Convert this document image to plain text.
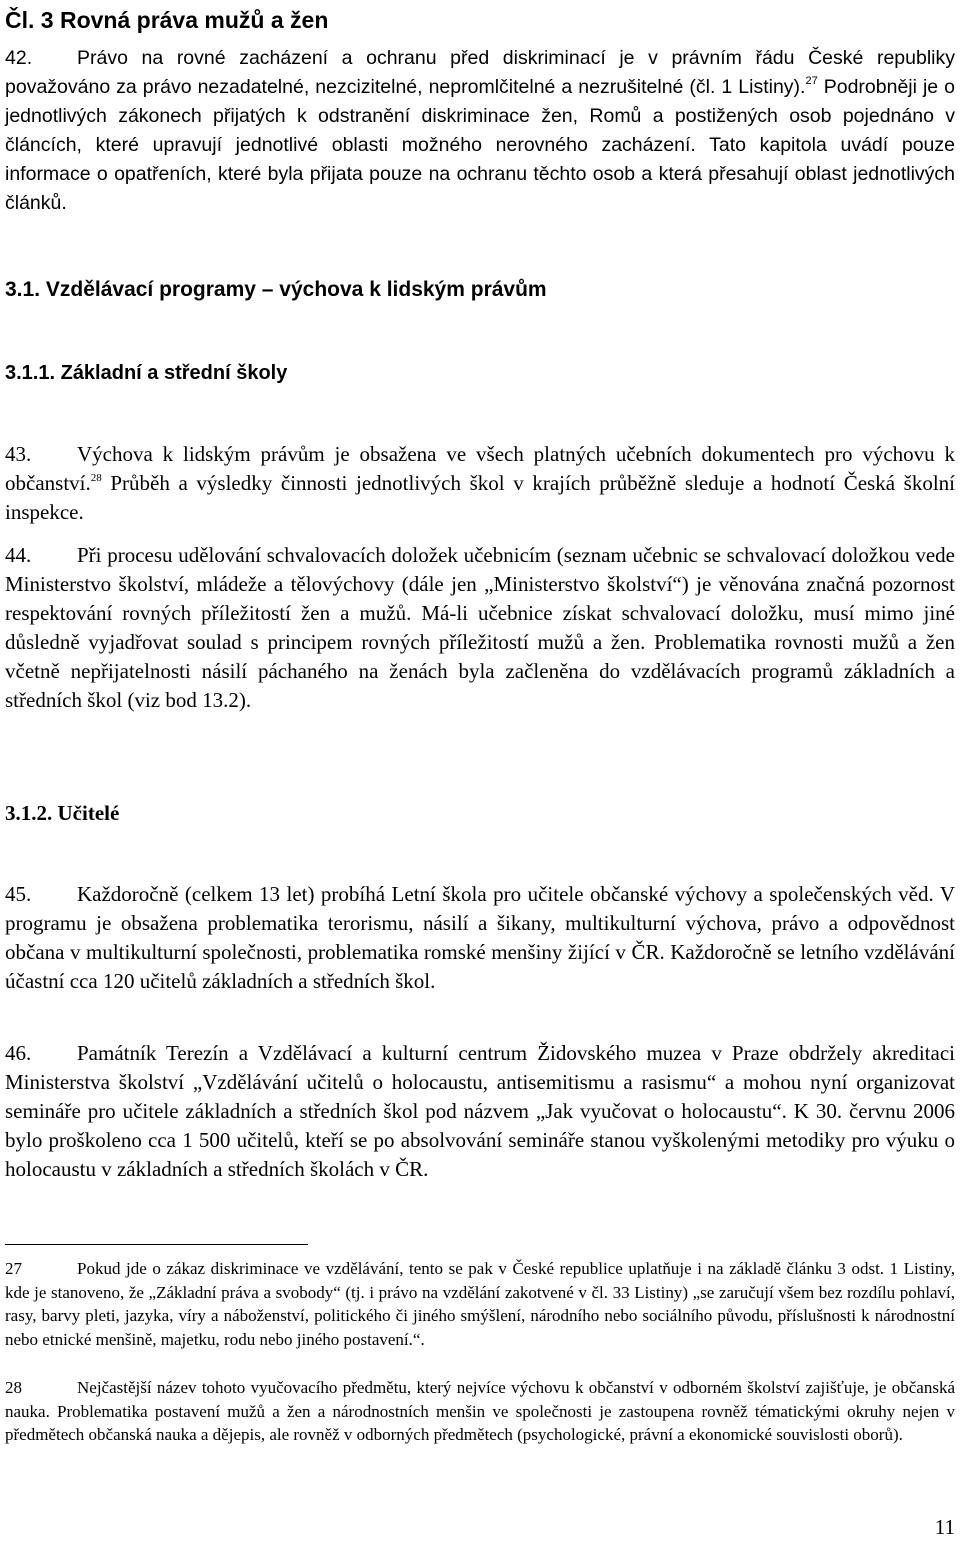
Čl. 3 Rovná práva mužů a žen

42. Právo na rovné zacházení a ochranu před diskriminací je v právním řádu České republiky považováno za právo nezadatelné, nezcizitelné, nepromlčitelné a nezrušitelné (čl. 1 Listiny).$^{27}$ Podrobněji je o jednotlivých zákonech přijatých k odstranění diskriminace žen, Romů a postižených osob pojednáno v článcích, které upravují jednotlivé oblasti možného nerovného zacházení. Tato kapitola uvádí pouze informace o opatřeních, které byla přijata pouze na ochranu těchto osob a která přesahují oblast jednotlivých článků.

3.1. Vzdělávací programy – výchova k lidským právům
3.1.1. Základní a střední školy

43. Výchova k lidským právům je obsažena ve všech platných učebních dokumentech pro výchovu k občanství.$^{28}$ Průběh a výsledky činnosti jednotlivých škol v krajích průběžně sleduje a hodnotí Česká školní inspekce.

44. Při procesu udělování schvalovacích doložek učebnicím (seznam učebnic se schvalovací doložkou vede Ministerstvo školství, mládeže a tělovýchovy (dále jen „Ministerstvo školství“) je věnována značná pozornost respektování rovných příležitostí žen a mužů. Má-li učebnice získat schvalovací doložku, musí mimo jiné důsledně vyjadřovat soulad s principem rovných příležitostí mužů a žen. Problematika rovnosti mužů a žen včetně nepřijatelnosti násilí páchaného na ženách byla začleněna do vzdělávacích programů základních a středních škol (viz bod 13.2).

3.1.2. Učitelé

45. Každoročně (celkem 13 let) probíhá Letní škola pro učitele občanské výchovy a společenských věd. V programu je obsažena problematika terorismu, násilí a šikany, multikulturní výchova, právo a odpovědnost občana v multikulturní společnosti, problematika romské menšiny žijící v ČR. Každoročně se letního vzdělávání účastní cca 120 učitelů základních a středních škol.

46. Památník Terezín a Vzdělávací a kulturní centrum Židovského muzea v Praze obdržely akreditaci Ministerstva školství „Vzdělávání učitelů o holocaustu, antisemitismu a rasismu“ a mohou nyní organizovat semináře pro učitele základních a středních škol pod názvem „Jak vyučovat o holocaustu“. K 30. červnu 2006 bylo proškoleno cca 1 500 učitelů, kteří se po absolvování semináře stanou vyškolenými metodiky pro výuku o holocaustu v základních a středních školách v ČR.

27	Pokud jde o zákaz diskriminace ve vzdělávání, tento se pak v České republice uplatňuje i na základě článku 3 odst. 1 Listiny, kde je stanoveno, že „Základní práva a svobody“ (tj. i právo na vzdělání zakotvené v čl. 33 Listiny) „se zaručují všem bez rozdílu pohlaví, rasy, barvy pleti, jazyka, víry a náboženství, politického či jiného smýšlení, národního nebo sociálního původu, příslušnosti k národnostní nebo etnické menšině, majetku, rodu nebo jiného postavení.“.

28	Nejčastější název tohoto vyučovacího předmětu, který nejvíce výchovu k občanství v odborném školství zajišťuje, je občanská nauka. Problematika postavení mužů a žen a národnostních menšin ve společnosti je zastoupena rovněž tématickými okruhy nejen v předmětech občanská nauka a dějepis, ale rovněž v odborných předmětech (psychologické, právní a ekonomické souvislosti oborů).

11
